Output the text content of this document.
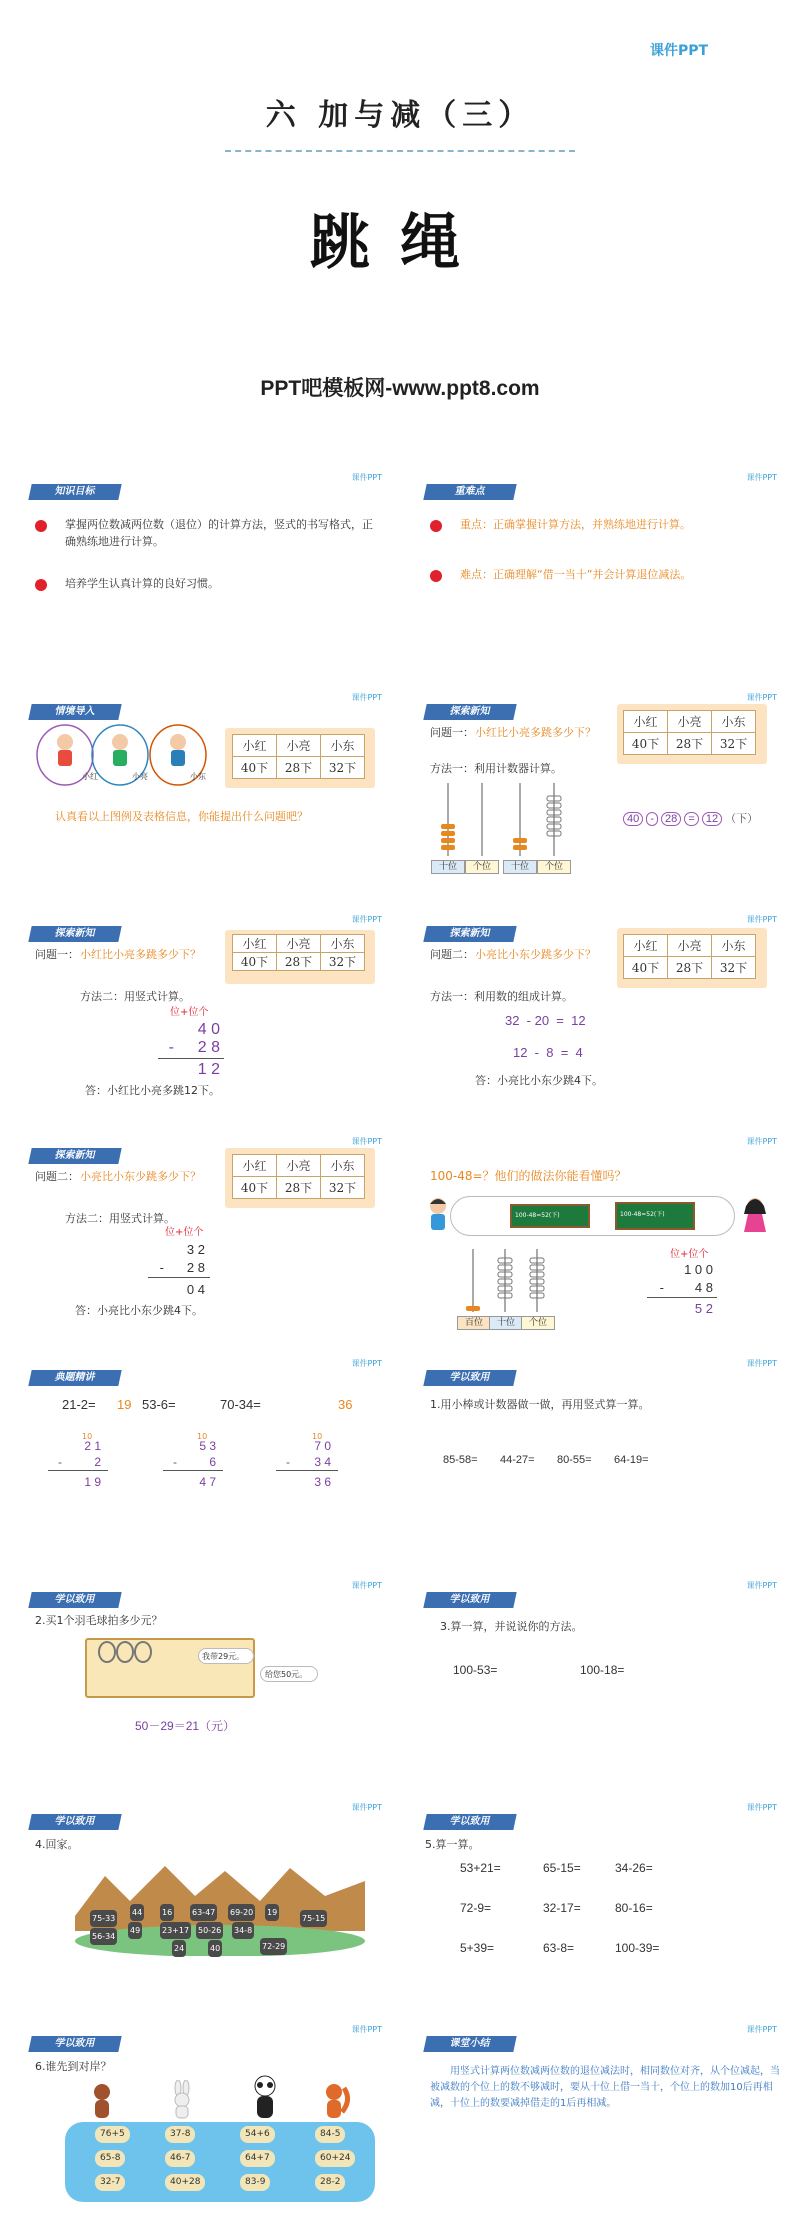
课件PPT
六 加与减（三）
跳绳
PPT吧模板网-www.ppt8.com
课件PPT
知识目标
掌握两位数减两位数（退位）的计算方法，竖式的书写格式，正确熟练地进行计算。
培养学生认真计算的良好习惯。
课件PPT
重难点
重点：正确掌握计算方法，并熟练地进行计算。
难点：正确理解“借一当十”并会计算退位减法。
课件PPT
情境导入
小红	小亮	小东
小红	小亮	小东
40下	28下	32下
认真看以上图例及表格信息，你能提出什么问题吧？
课件PPT
探索新知
问题一： 小红比小亮多跳多少下？
方法一：利用计数器计算。
小红	小亮	小东
40下	28下	32下
十位	个位	十位	个位
40 - 28 = 12 （下）
课件PPT
探索新知
问题一： 小红比小亮多跳多少下？
小红	小亮	小东
40下	28下	32下
方法二：用竖式计算。
位+位个
4 0
-	2 8
1 2
答：小红比小亮多跳12下。
课件PPT
探索新知
问题二： 小亮比小东少跳多少下？
小红	小亮	小东
40下	28下	32下
方法一：利用数的组成计算。
32  - 20  =  12
12  -  8  =  4
答：小亮比小东少跳4下。
课件PPT
探索新知
问题二： 小亮比小东少跳多少下？
小红	小亮	小东
40下	28下	32下
方法二：用竖式计算。
位+位个
3 2
-	2 8
0 4
答：小亮比小东少跳4下。
课件PPT
100-48=？他们的做法你能看懂吗？
100-48=52(下)	100-48=52(下)
百位	十位	个位
位+位个
1 0 0
-	4 8
5 2
课件PPT
典题精讲
21-2= 19 53-6=	70-34=	36
10
2 1
-	2
1 9
10
5 3
-	6
4 7
10
7 0
-	3 4
3 6
课件PPT
学以致用
1.用小棒或计数器做一做，再用竖式算一算。
85-58= 44-27= 80-55= 64-19=
课件PPT
学以致用
2.买1个羽毛球拍多少元？
我带29元。
给您50元。
50－29＝21（元）
课件PPT
学以致用
3.算一算，并说说你的方法。
100-53=	100-18=
课件PPT
学以致用
4.回家。
75-33
44 16 63-47 69-20 19
56-34
49	23+17 50-26 34-8
75-15
24	40	72-29
课件PPT
学以致用
5.算一算。
53+21=	65-15=	34-26=
72-9=	32-17=	80-16=
5+39=	63-8=	100-39=
课件PPT
学以致用
6.谁先到对岸？
76+5	37-8	54+6	84-5
65-8	46-7	64+7	60+24
32-7	40+28	83-9	28-2
课件PPT
课堂小结
用竖式计算两位数减两位数的退位减法时，相同数位对齐，从个位减起，当被减数的个位上的数不够减时，要从十位上借一当十，个位上的数加10后再相减，十位上的数要减掉借走的1后再相减。
